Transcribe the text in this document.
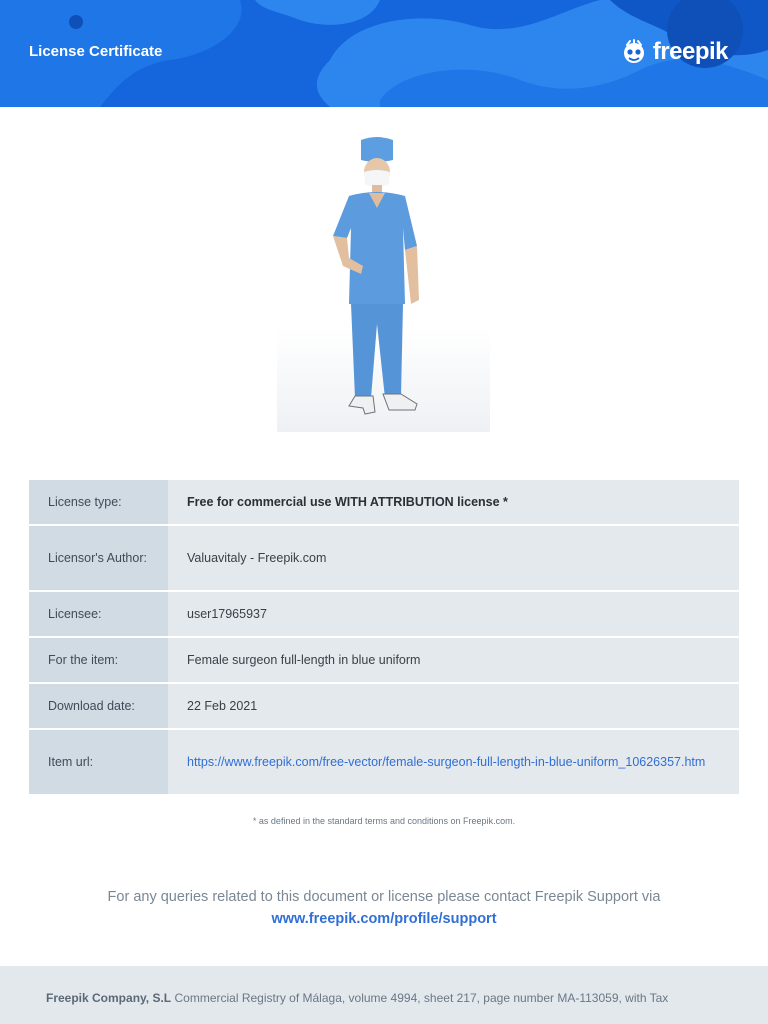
License Certificate	freepik
License type:	Free for commercial use WITH ATTRIBUTION license *
Licensor's Author:	Valuavitaly - Freepik.com
Licensee:	user17965937
For the item:	Female surgeon full-length in blue uniform
Download date:	22 Feb 2021
Item url:	https://www.freepik.com/free-vector/female-surgeon-full-length-in-blue-uniform_10626357.htm
* as defined in the standard terms and conditions on Freepik.com.
For any queries related to this document or license please contact Freepik Support via
www.freepik.com/profile/support
Freepik Company, S.L Commercial Registry of Málaga, volume 4994, sheet 217, page number MA-113059, with Tax
